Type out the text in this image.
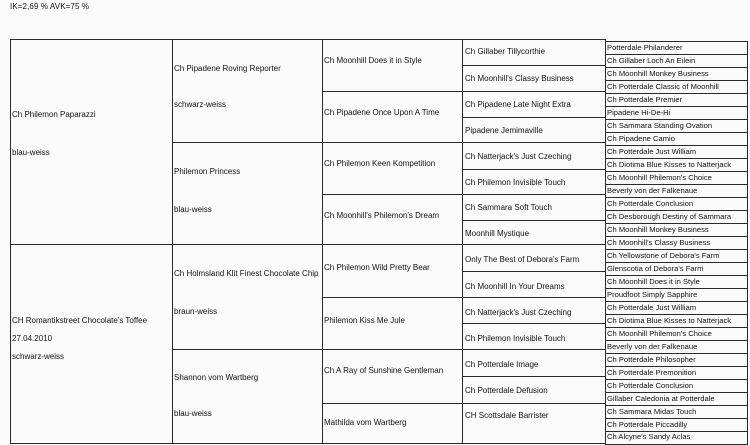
IK=2,69 % AVK=75 %
Ch Philemon Paparazzi
blau-weiss
CH Romantikstreet Chocolate's Toffee
27.04.2010
schwarz-weiss
Ch Pipadene Roving Reporter
schwarz-weiss
Philemon Princess
blau-weiss
Ch Holmsland Klit Finest Chocolate Chip
braun-weiss
Shannon vom Wartberg
blau-weiss
Ch Moonhill Does it in Style
Ch Pipadene Once Upon A Time
Ch Philemon Keen Kompetition
Ch Moonhill's Philemon's Dream
Ch Philemon Wild Pretty Bear
Philemon Kiss Me Jule
Ch A Ray of Sunshine Gentleman
Mathilda vom Wartberg
Ch Gillaber Tillycorthie
Ch Moonhill's Classy Business
Ch Pipadene Late Night Extra
Pipadene Jemimaville
Ch Natterjack's Just Czeching
Ch Philemon Invisible Touch
Ch Sammara Soft Touch
Moonhill Mystique
Only The Best of Debora's Farm
Ch Moonhill In Your Dreams
Ch Natterjack's Just Czeching
Ch Philemon Invisible Touch
Ch Potterdale Image
Ch Potterdale Defusion
CH Scottsdale Barrister
Potterdale Philanderer
Ch Gillaber Loch An Eilein
Ch Moonhill Monkey Business
Ch Potterdale Classic of Moonhill
Ch Potterdale Premier
Pipadene Hi-De-Hi
Ch Sammara Standing Ovation
Ch Pipadene Camio
Ch Potterdale Just William
Ch Diotima Blue Kisses to Natterjack
Ch Moonhill Philemon's Choice
Beverly von der Falkenaue
Ch Potterdale Conclusion
Ch Desborough Destiny of Sammara
Ch Moonhill Monkey Business
Ch Moonhill's Classy Business
Ch Yellowstone of Debora's Farm
Glenscotia of Debora's Farm
Ch Moonhill Does it in Style
Proudfoot Simply Sapphire
Ch Potterdale Just William
Ch Diotima Blue Kisses to Natterjack
Ch Moonhill Philemon's Choice
Beverly von der Falkenaue
Ch Potterdale Philosopher
Ch Potterdale Premonition
Ch Potterdale Conclusion
Gillaber Caledonia at Potterdale
Ch Sammara Midas Touch
Ch Potterdale Piccadilly
Ch Alcyne's Sandy Aclas
